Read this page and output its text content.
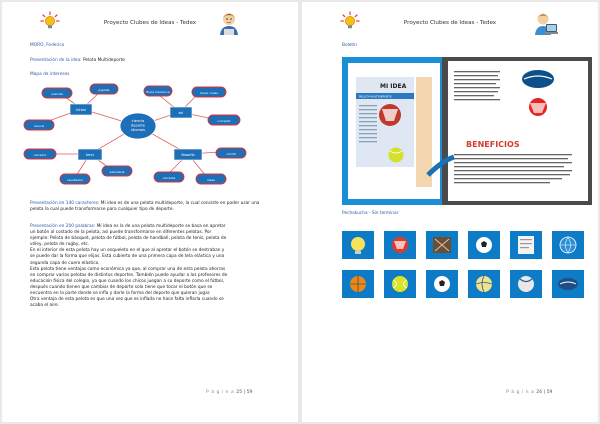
Proyecto Clubes de Ideas - Tedex
MORO, Federico
Presentación de la idea: Pelota Multideporte
Mapa de intereses
velocita
jugadla
ciencia
fisica mecanica	hacer cosas
competir
cerrador
resultados
estudiarla
carrerita	ideas
carrilit
futbol
ski
tenis	filosofía
ciencia
deporte
idiomas
Presentación en 140 caracteres: Mi idea es de una pelota multideporte, la cual consiste en poder usar una pelota la cual puede transformarse para cualquier tipo de deporte.
Presentación en 200 palabras: Mi idea es la de una pelota multideporte se basa en apretar
un botón al costado de la pelota, así puede transformarse en diferentes pelotas. Por
ejemplo: Pelota de básquet, pelota de fútbol, pelota de handball, pelota de tenis, pelota de
vóley, pelota de rugby, etc.
En el interior de esta pelota hay un esqueleto en el que al apretar el botón se destraban y
se puede dar la forma que elijas. Está cubierto de una primera capa de tela elástica y una
segunda capa de cuero elástico.
Esta pelota tiene ventajas como económica ya que, al comprar una de esta pelota ahorras
en comprar varias pelotas de distintos deportes. También puede ayudar a los profesores de
educación física del colegio, ya que cuando los chicos juegan a su deporte como el fútbol,
después cuando tienen que cambiar de deporte solo tiene que tocar el botón que se
encuentra en la parte donde se infla y darle la forma del deporte que quieran jugar.
Otra ventaja de esta pelota es que una vez que es inflada no hace falta inflarla cuando se
acaba el aire.
P á g i n a 25 | 59
Proyecto Clubes de Ideas - Tedex
Boletín
MI IDEA
PELOTA MULTIDEPORTE
BENEFICIOS
Pechakucha - Sin terminar
P á g i n a 26 | 59
